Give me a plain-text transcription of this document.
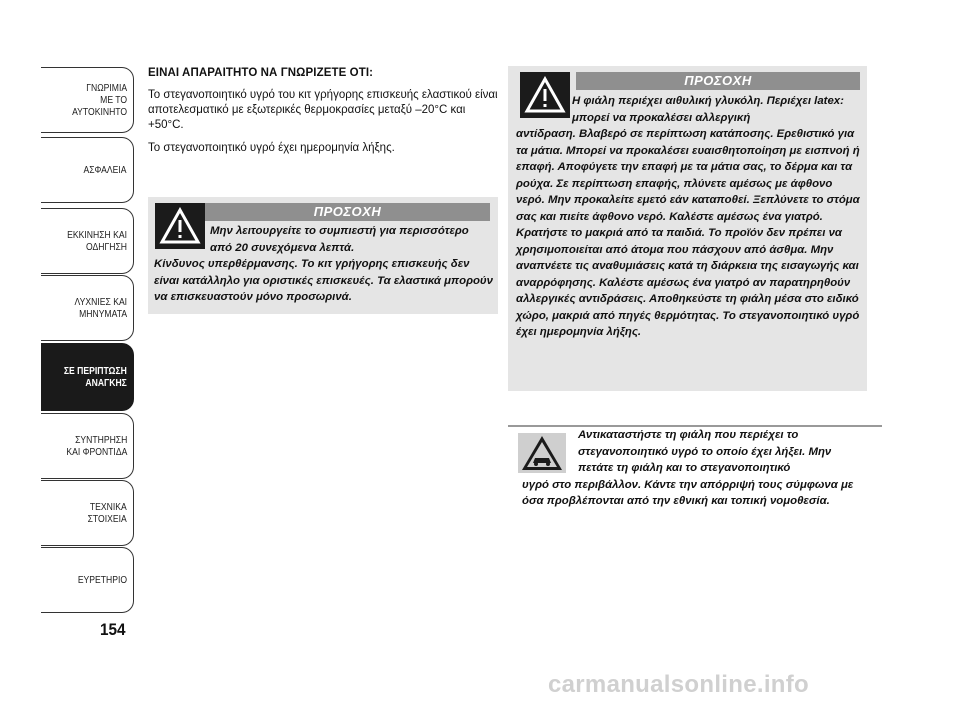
ΓΝΩΡΙΜΙΑ
ΜΕ ΤΟ
ΑΥΤΟΚΙΝΗΤΟ
ΑΣΦΑΛΕΙΑ
ΕΚΚΙΝΗΣΗ ΚΑΙ
ΟΔΗΓΗΣΗ
ΛΥΧΝΙΕΣ ΚΑΙ
ΜΗΝΥΜΑΤΑ
ΣΕ ΠΕΡΙΠΤΩΣΗ
ΑΝΑΓΚΗΣ
ΣΥΝΤΗΡΗΣΗ
ΚΑΙ ΦΡΟΝΤΙΔΑ
ΤΕΧΝΙΚΑ
ΣΤΟΙΧΕΙΑ
ΕΥΡΕΤΗΡΙΟ
154
ΕΙΝΑΙ ΑΠΑΡΑΙΤΗΤΟ ΝΑ ΓΝΩΡΙΖΕΤΕ ΟΤΙ:
Το στεγανοποιητικό υγρό του κιτ γρήγορης επισκευής ελαστικού είναι αποτελεσματικό με εξωτερικές θερμοκρασίες μεταξύ –20°C και +50°C.
Το στεγανοποιητικό υγρό έχει ημερομηνία λήξης.
ΠΡΟΣΟΧΗ
Μην λειτουργείτε το συμπιεστή για περισσότερο από 20 συνεχόμενα λεπτά.
Κίνδυνος υπερθέρμανσης. Το κιτ γρήγορης επισκευής δεν είναι κατάλληλο για οριστικές επισκευές. Τα ελαστικά μπορούν να επισκευαστούν μόνο προσωρινά.
ΠΡΟΣΟΧΗ
Η φιάλη περιέχει αιθυλική γλυκόλη. Περιέχει latex: μπορεί να προκαλέσει αλλεργική
αντίδραση. Βλαβερό σε περίπτωση κατάποσης. Ερεθιστικό για τα μάτια. Μπορεί να προκαλέσει ευαισθητοποίηση με εισπνοή ή επαφή. Αποφύγετε την επαφή με τα μάτια σας, το δέρμα και τα ρούχα. Σε περίπτωση επαφής, πλύνετε αμέσως με άφθονο νερό. Μην προκαλείτε εμετό εάν καταποθεί. Ξεπλύνετε το στόμα σας και πιείτε άφθονο νερό. Καλέστε αμέσως ένα γιατρό. Κρατήστε το μακριά από τα παιδιά. Το προϊόν δεν πρέπει να χρησιμοποιείται από άτομα που πάσχουν από άσθμα. Μην αναπνέετε τις αναθυμιάσεις κατά τη διάρκεια της εισαγωγής και αναρρόφησης. Καλέστε αμέσως ένα γιατρό αν παρατηρηθούν αλλεργικές αντιδράσεις. Αποθηκεύστε τη φιάλη μέσα στο ειδικό χώρο, μακριά από πηγές θερμότητας. Το στεγανοποιητικό υγρό έχει ημερομηνία λήξης.
Αντικαταστήστε τη φιάλη που περιέχει το στεγανοποιητικό υγρό το οποίο έχει λήξει. Μην πετάτε τη φιάλη και το στεγανοποιητικό
υγρό στο περιβάλλον. Κάντε την απόρριψή τους σύμφωνα με όσα προβλέπονται από την εθνική και τοπική νομοθεσία.
carmanualsonline.info
